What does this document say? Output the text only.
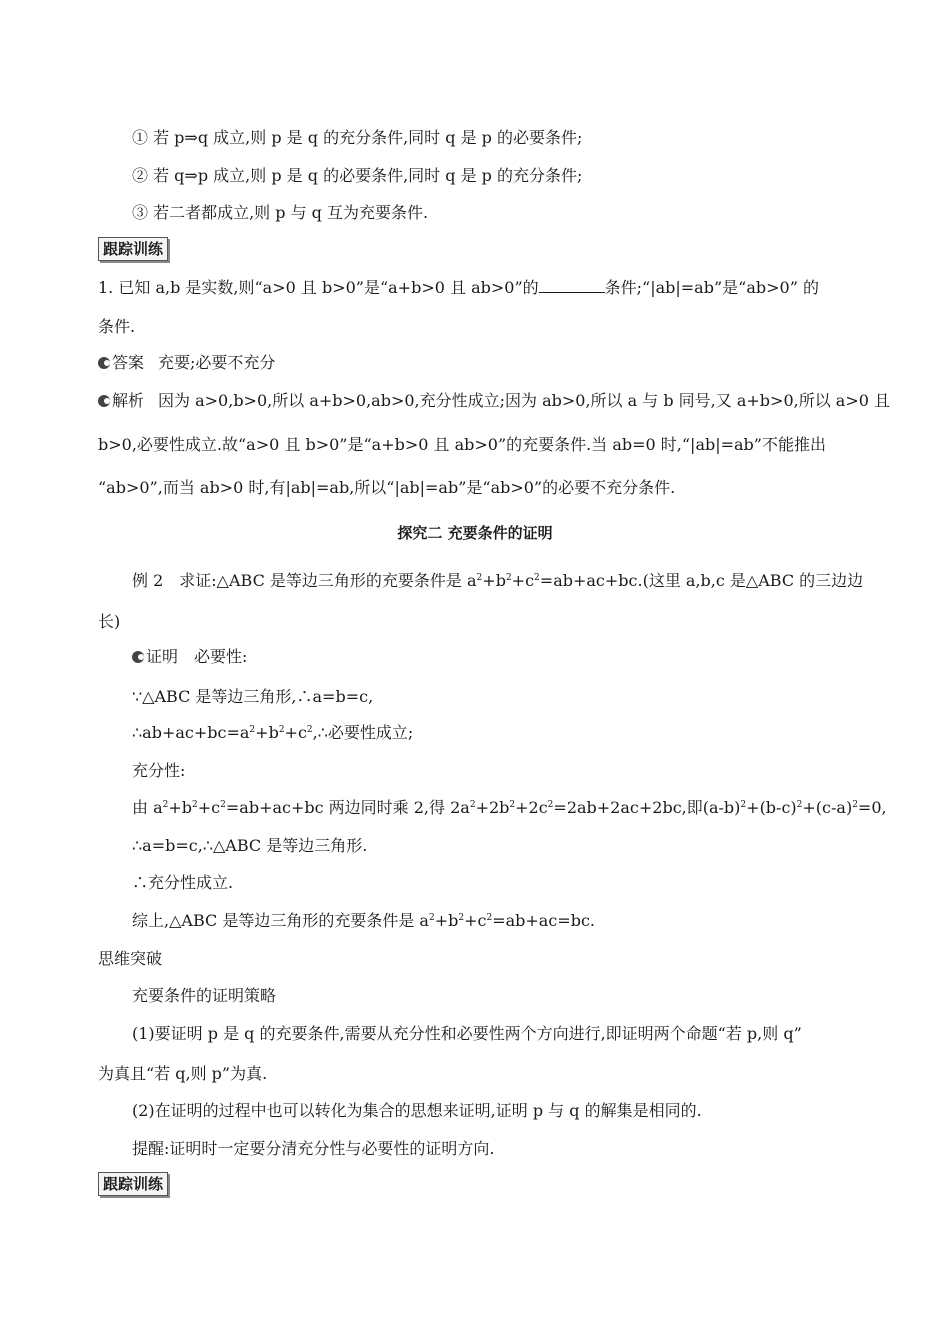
① 若 p⇒q 成立,则 p 是 q 的充分条件,同时 q 是 p 的必要条件;
② 若 q⇒p 成立,则 p 是 q 的必要条件,同时 q 是 p 的充分条件;
③ 若二者都成立,则 p 与 q 互为充要条件.
跟踪训练
1. 已知 a,b 是实数,则“a>0 且 b>0”是“a+b>0 且 ab>0”的	条件;“|ab|=ab”是“ab>0” 的
条件.
答案 充要;必要不充分
解析 因为 a>0,b>0,所以 a+b>0,ab>0,充分性成立;因为 ab>0,所以 a 与 b 同号,又 a+b>0,所以 a>0 且
b>0,必要性成立.故“a>0 且 b>0”是“a+b>0 且 ab>0”的充要条件.当 ab=0 时,“|ab|=ab”不能推出
“ab>0”,而当 ab>0 时,有|ab|=ab,所以“|ab|=ab”是“ab>0”的必要不充分条件.
探究二 充要条件的证明
例 2 求证:△ABC 是等边三角形的充要条件是 $a^2+b^2+c^2=ab+ac+bc$.(这里 a,b,c 是△ABC 的三边边
长)
证明 必要性:
∵△ABC 是等边三角形,∴a=b=c,
$\therefore ab+ac+bc=a^2+b^2+c^2,\therefore$必要性成立;
充分性:
由 $a^2+b^2+c^2=ab+ac+bc$ 两边同时乘 2,得 $2a^2+2b^2+2c^2=2ab+2ac+2bc$,即$(a-b)^2+(b-c)^2+(c-a)^2=0$,
∴a=b=c,∴△ABC 是等边三角形.
∴充分性成立.
综上,△ABC 是等边三角形的充要条件是 $a^2+b^2+c^2=ab+ac=bc$.
思维突破
充要条件的证明策略
(1)要证明 p 是 q 的充要条件,需要从充分性和必要性两个方向进行,即证明两个命题“若 p,则 q”
为真且“若 q,则 p”为真.
(2)在证明的过程中也可以转化为集合的思想来证明,证明 p 与 q 的解集是相同的.
提醒:证明时一定要分清充分性与必要性的证明方向.
跟踪训练
